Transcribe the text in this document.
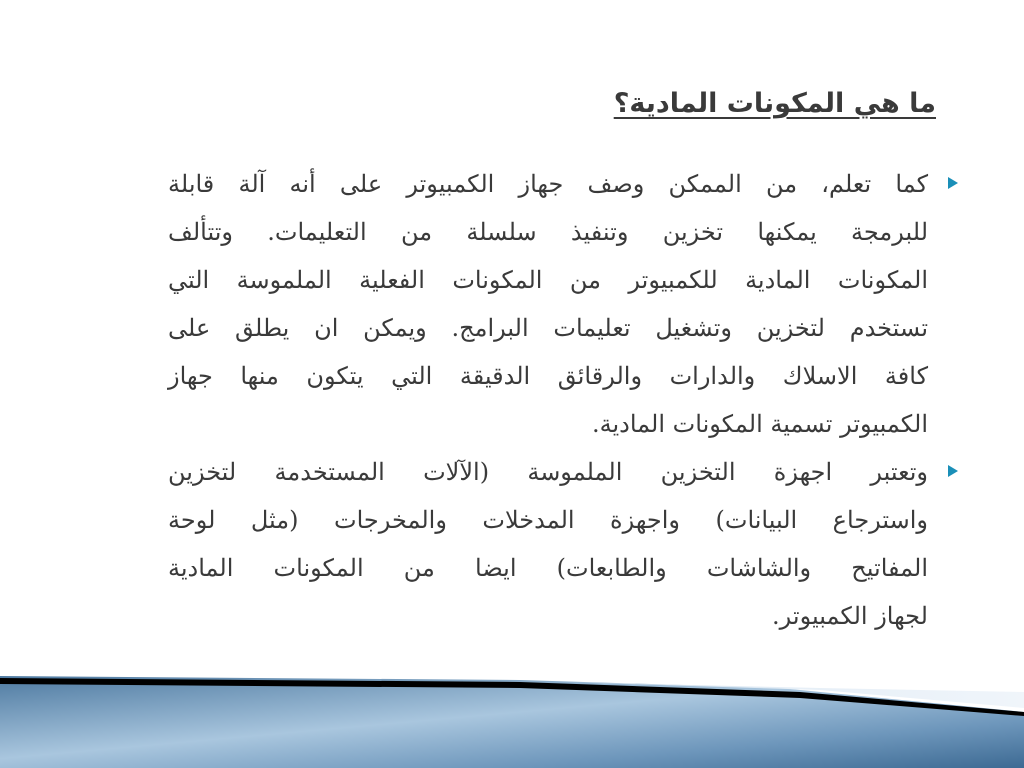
ما هي المكونات المادية؟

كما تعلم، من الممكن وصف جهاز الكمبيوتر على أنه آلة قابلة
للبرمجة يمكنها تخزين وتنفيذ سلسلة من التعليمات. وتتألف
المكونات المادية للكمبيوتر من المكونات الفعلية الملموسة التي
تستخدم لتخزين وتشغيل تعليمات البرامج. ويمكن ان يطلق على
كافة الاسلاك والدارات والرقائق الدقيقة التي يتكون منها جهاز
الكمبيوتر تسمية المكونات المادية.

وتعتبر اجهزة التخزين الملموسة (الآلات المستخدمة لتخزين
واسترجاع البيانات) واجهزة المدخلات والمخرجات (مثل لوحة
المفاتيح والشاشات والطابعات) ايضا من المكونات المادية
لجهاز الكمبيوتر.
